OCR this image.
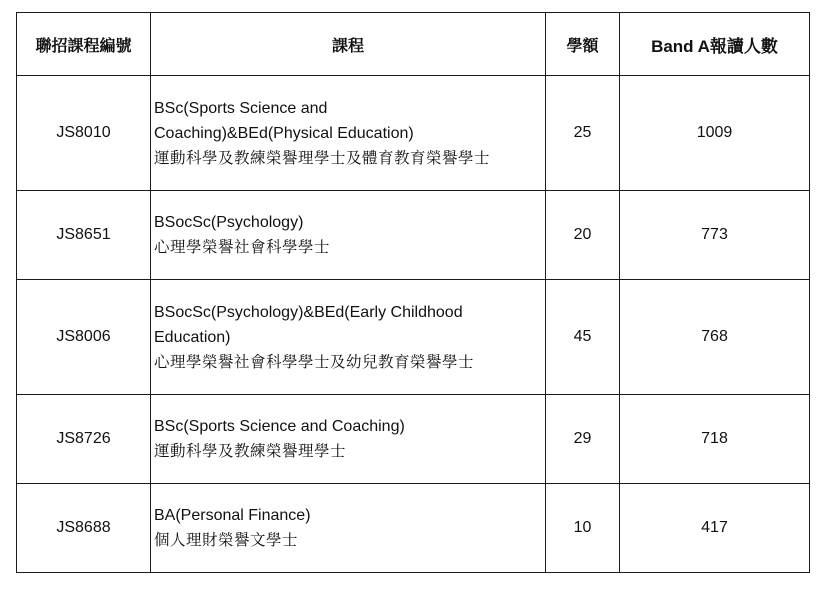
聯招課程編號	課程	學額	Band A報讀人數
JS8010	BSc(Sports Science and
Coaching)&BEd(Physical Education)
運動科學及教練榮譽理學士及體育教育榮譽學士	25	1009
JS8651	BSocSc(Psychology)
心理學榮譽社會科學學士	20	773
JS8006	BSocSc(Psychology)&BEd(Early Childhood
Education)
心理學榮譽社會科學學士及幼兒教育榮譽學士	45	768
JS8726	BSc(Sports Science and Coaching)
運動科學及教練榮譽理學士	29	718
JS8688	BA(Personal Finance)
個人理財榮譽文學士	10	417
